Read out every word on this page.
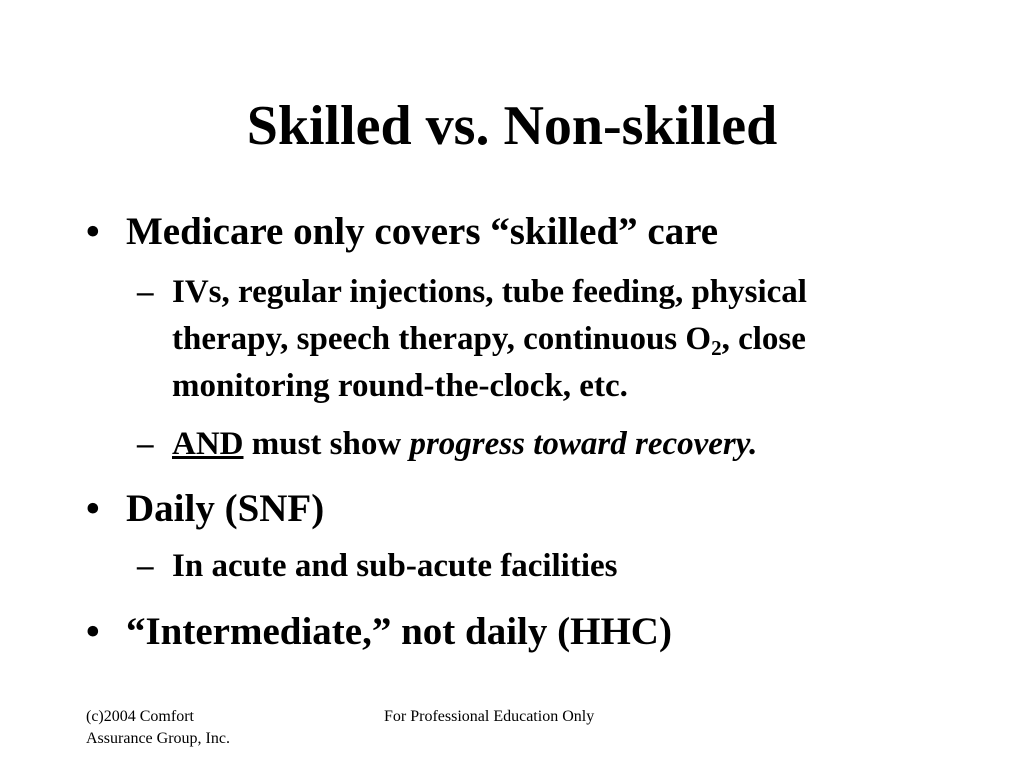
Skilled vs. Non-skilled
• Medicare only covers “skilled” care
– IVs, regular injections, tube feeding, physical
therapy, speech therapy, continuous $O_2$, close
monitoring round-the-clock, etc.
– AND must show progress toward recovery.
• Daily (SNF)
– In acute and sub-acute facilities
• “Intermediate,” not daily (HHC)
(c)2004 Comfort
Assurance Group, Inc.
For Professional Education Only
